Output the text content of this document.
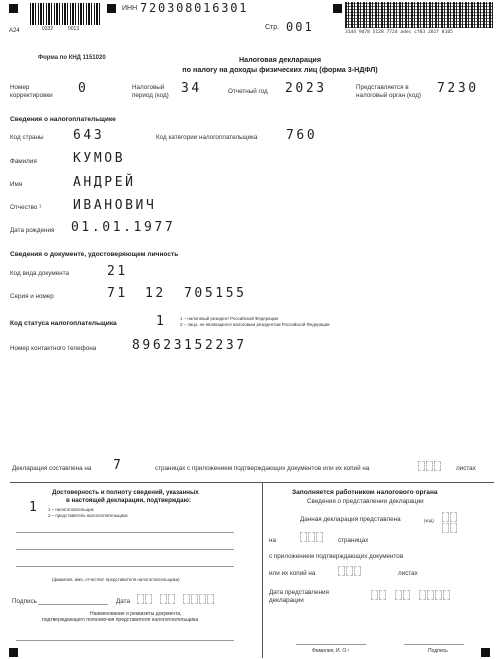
A24	0332	0013
ИНН 720308016301
Стр. 001	31d4 9d78 5128 772d adec cf83 281f 8105
Форма по КНД 1151020	Налоговая декларация
по налогу на доходы физических лиц (форма 3-НДФЛ)
Номер корректировки	0	Налоговый период (код) 34	Отчетный год 2023	Представляется в налоговый орган (код)	7230
Сведения о налогоплательщике
Код страны 643	Код категории налогоплательщика 760
Фамилия	КУМОВ
Имя	АНДРЕЙ
Отчество ¹ ИВАНОВИЧ
Дата рождения 01.01.1977
Сведения о документе, удостоверяющем личность
Код вида документа	21
Серия и номер	71 12 705155
Код статуса налогоплательщика	1	1 – налоговый резидент Российской Федерации
2 – лицо, не являющееся налоговым резидентом Российской Федерации
Номер контактного телефона	89623152237
Декларация составлена на 7	страницах с приложением подтверждающих документов или их копий на	листах
Достоверность и полноту сведений, указанных
в настоящей декларации, подтверждаю:
1 1 – налогоплательщик
2 – представитель налогоплательщика
(фамилия, имя, отчество¹ представителя налогоплательщика)
Подпись	Дата
Наименование и реквизиты документа,
подтверждающего полномочия представителя налогоплательщика
Заполняется работником налогового органа
Сведения о представлении декларации
Данная декларация представлена	(код)
на	страницах
с приложением подтверждающих документов
или их копий на	листах
Дата представления
декларации
Фамилия, И. О.¹	Подпись
